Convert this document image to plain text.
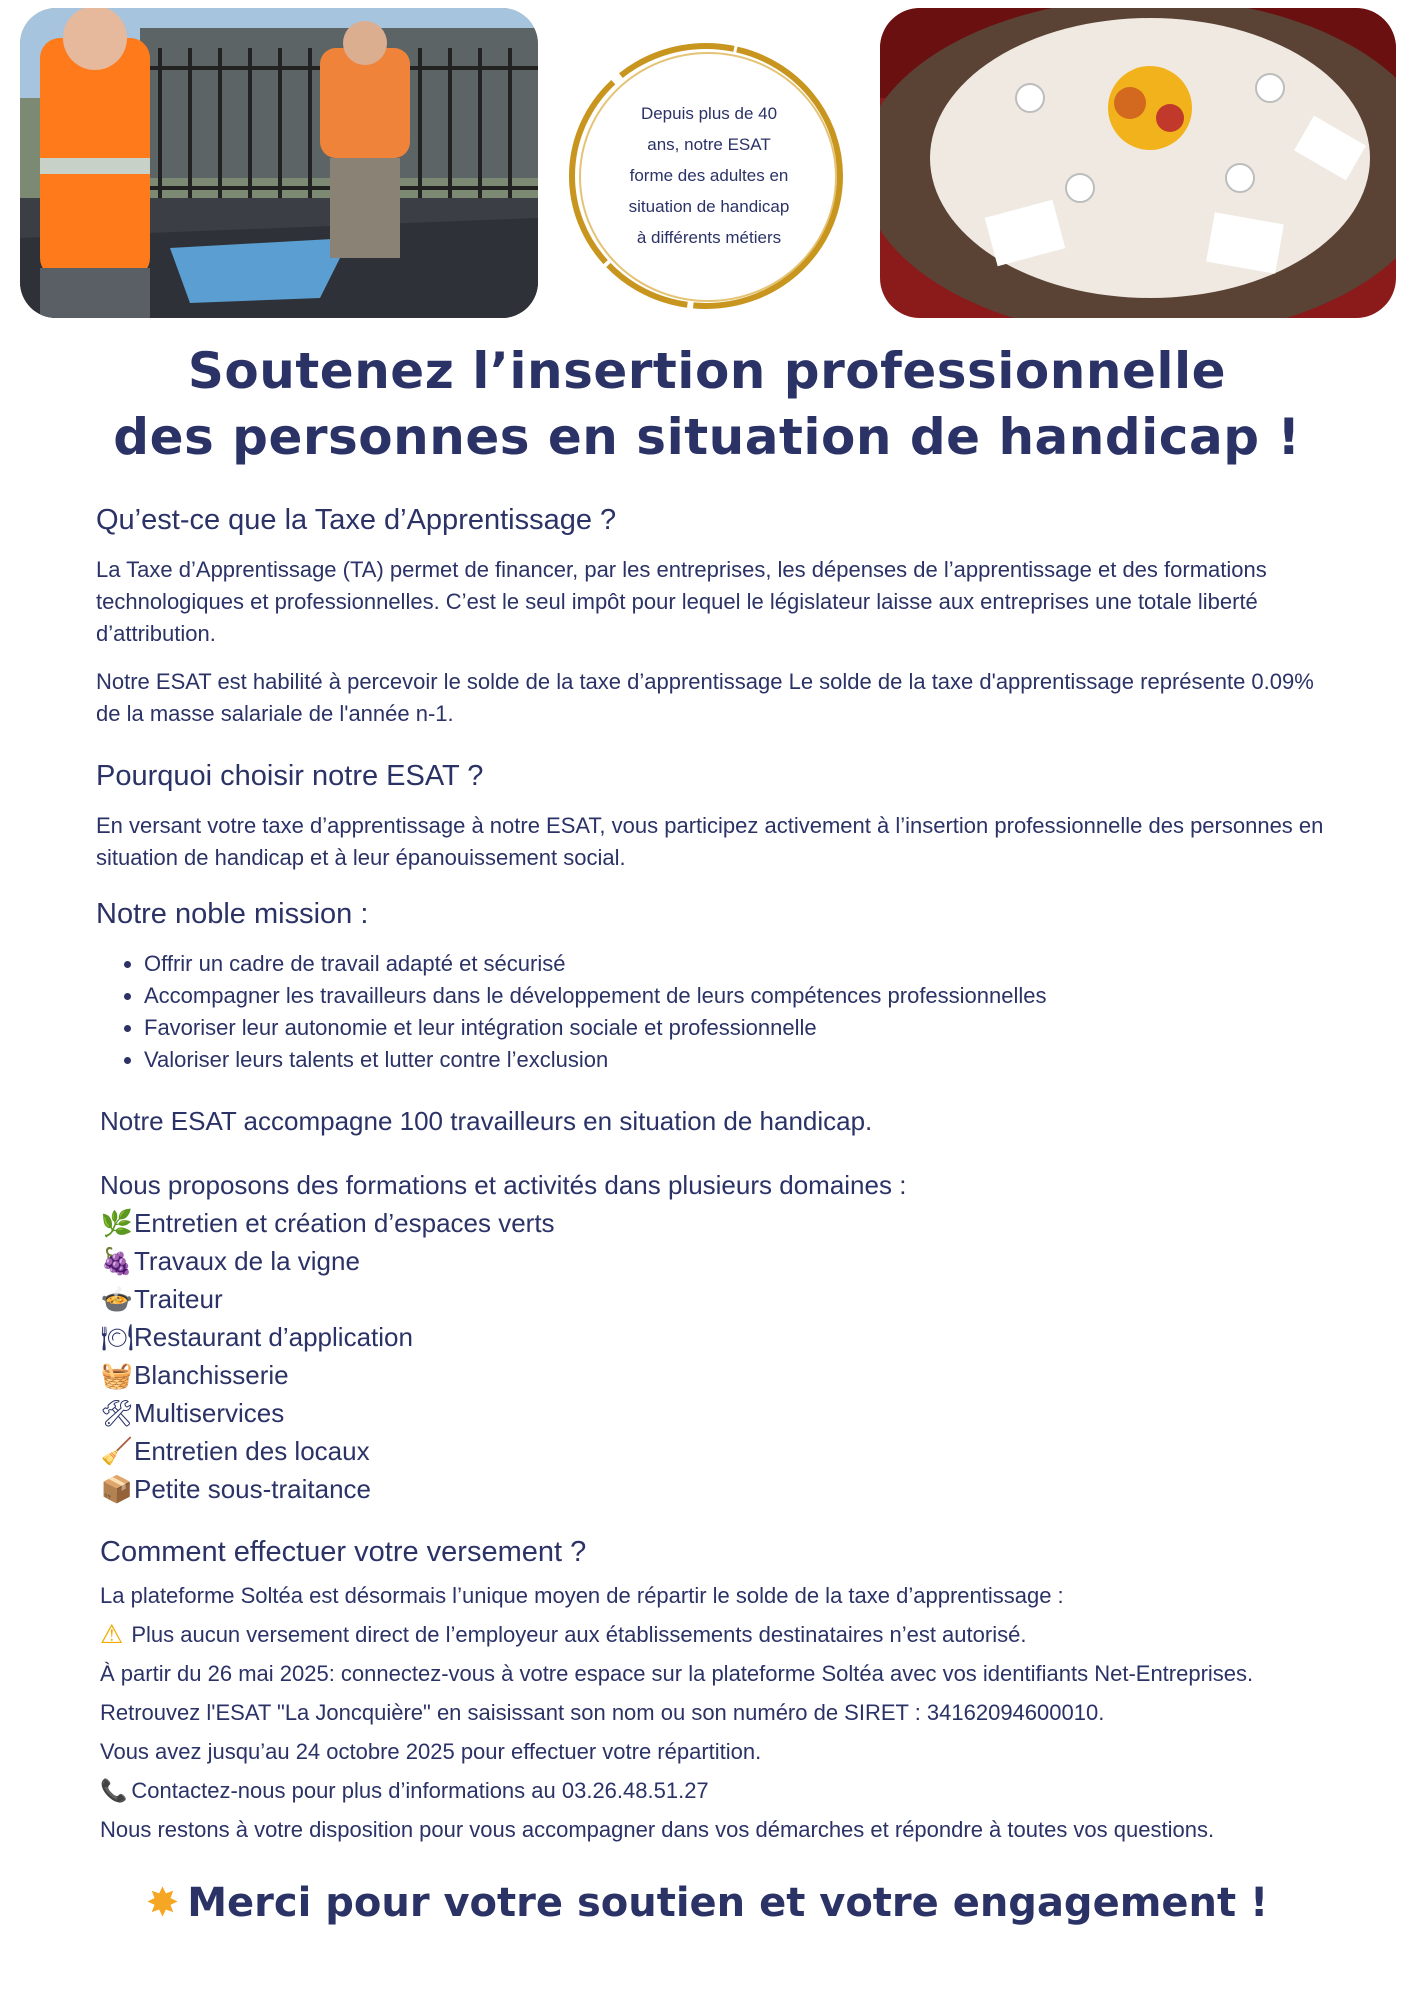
Depuis plus de 40 ans, notre ESAT forme des adultes en situation de handicap à différents métiers
Soutenez l’insertion professionnelle
des personnes en situation de handicap !
Qu’est-ce que la Taxe d’Apprentissage ?

La Taxe d’Apprentissage (TA) permet de financer, par les entreprises, les dépenses de l’apprentissage et des formations technologiques et professionnelles. C’est le seul impôt pour lequel le législateur laisse aux entreprises une totale liberté d’attribution.

Notre ESAT est habilité à percevoir le solde de la taxe d’apprentissage Le solde de la taxe d'apprentissage représente 0.09% de la masse salariale de l'année n-1.

Pourquoi choisir notre ESAT ?

En versant votre taxe d’apprentissage à notre ESAT, vous participez activement à l’insertion professionnelle des personnes en situation de handicap et à leur épanouissement social.

Notre noble mission :
• Offrir un cadre de travail adapté et sécurisé
• Accompagner les travailleurs dans le développement de leurs compétences professionnelles
• Favoriser leur autonomie et leur intégration sociale et professionnelle
• Valoriser leurs talents et lutter contre l’exclusion
Notre ESAT accompagne 100 travailleurs en situation de handicap.
Nous proposons des formations et activités dans plusieurs domaines :
🌿 Entretien et création d’espaces verts
🍇 Travaux de la vigne
🍲 Traiteur
🍽 Restaurant d’application
🧺 Blanchisserie
🛠 Multiservices
🧹 Entretien des locaux
📦 Petite sous-traitance
Comment effectuer votre versement ?
La plateforme Soltéa est désormais l’unique moyen de répartir le solde de la taxe d’apprentissage :
⚠ Plus aucun versement direct de l’employeur aux établissements destinataires n’est autorisé.
À partir du 26 mai 2025: connectez-vous à votre espace sur la plateforme Soltéa avec vos identifiants Net-Entreprises.
Retrouvez l'ESAT "La Joncquière" en saisissant son nom ou son numéro de SIRET : 34162094600010.
Vous avez jusqu’au 24 octobre 2025 pour effectuer votre répartition.
📞 Contactez-nous pour plus d’informations au 03.26.48.51.27
Nous restons à votre disposition pour vous accompagner dans vos démarches et répondre à toutes vos questions.
✸ Merci pour votre soutien et votre engagement !
